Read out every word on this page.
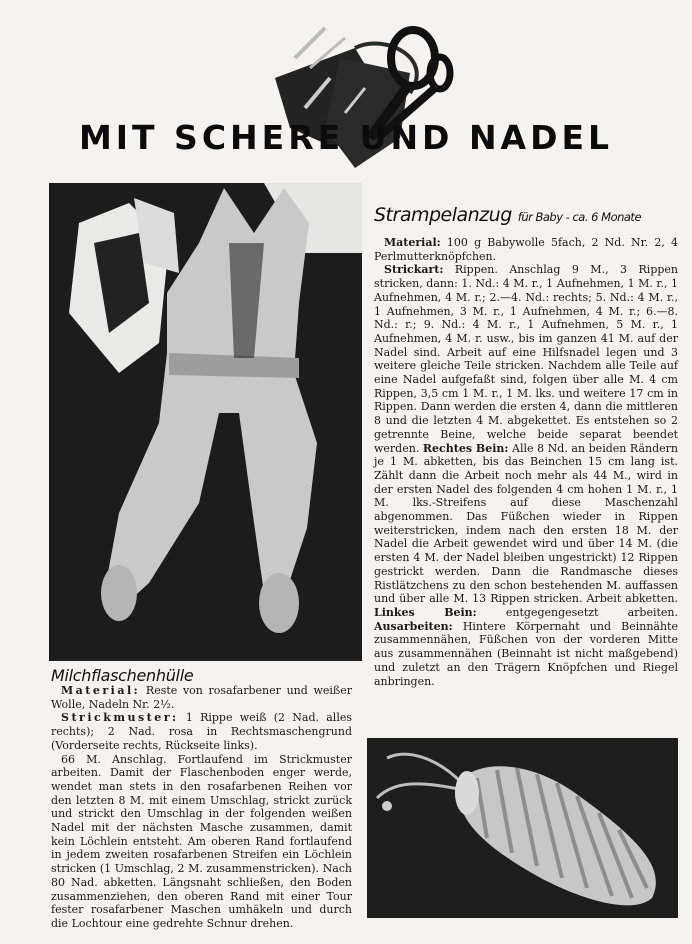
MIT SCHERE UND NADEL
Strampelanzug für Baby - ca. 6 Monate

Material: 100 g Babywolle 5fach, 2 Nd. Nr. 2, 4 Perlmutterknöpfchen.

Strickart: Rippen. Anschlag 9 M., 3 Rippen stricken, dann: 1. Nd.: 4 M. r., 1 Aufnehmen, 1 M. r., 1 Aufnehmen, 4 M. r.; 2.—4. Nd.: rechts; 5. Nd.: 4 M. r., 1 Aufnehmen, 3 M. r., 1 Aufnehmen, 4 M. r.; 6.—8. Nd.: r.; 9. Nd.: 4 M. r., 1 Aufnehmen, 5 M. r., 1 Aufnehmen, 4 M. r. usw., bis im ganzen 41 M. auf der Nadel sind. Arbeit auf eine Hilfsnadel legen und 3 weitere gleiche Teile stricken. Nachdem alle Teile auf eine Nadel aufgefaßt sind, folgen über alle M. 4 cm Rippen, 3,5 cm 1 M. r., 1 M. lks. und weitere 17 cm in Rippen. Dann werden die ersten 4, dann die mittleren 8 und die letzten 4 M. abgekettet. Es entstehen so 2 getrennte Beine, welche beide separat beendet werden. Rechtes Bein: Alle 8 Nd. an beiden Rändern je 1 M. abketten, bis das Beinchen 15 cm lang ist. Zählt dann die Arbeit noch mehr als 44 M., wird in der ersten Nadel des folgenden 4 cm hohen 1 M. r., 1 M. lks.-Streifens auf diese Maschenzahl abgenommen. Das Füßchen wieder in Rippen weiterstricken, indem nach den ersten 18 M. der Nadel die Arbeit gewendet wird und über 14 M. (die ersten 4 M. der Nadel bleiben ungestrickt) 12 Rippen gestrickt werden. Dann die Randmasche dieses Ristlätzchens zu den schon bestehenden M. auffassen und über alle M. 13 Rippen stricken. Arbeit abketten. Linkes Bein:	entgegengesetzt arbeiten. Ausarbeiten: Hintere Körpernaht und Beinnähte zusammennähen, Füßchen von der vorderen Mitte aus zusammennähen (Beinnaht ist nicht maßgebend) und zuletzt an den Trägern Knöpfchen und Riegel anbringen.

Milchflaschenhülle

Material: Reste von rosafarbener und weißer Wolle, Nadeln Nr. 2½.

Strickmuster: 1 Rippe weiß (2 Nad. alles rechts); 2 Nad. rosa in Rechtsmaschengrund (Vorderseite rechts, Rückseite links).

66 M. Anschlag. Fortlaufend im Strickmuster arbeiten. Damit der Flaschenboden enger werde, wendet man stets in den rosafarbenen Reihen vor den letzten 8 M. mit einem Umschlag, strickt zurück und strickt den Umschlag in der folgenden weißen Nadel mit der nächsten Masche zusammen, damit kein Löchlein entsteht. Am oberen Rand fortlaufend in jedem zweiten rosafarbenen Streifen ein Löchlein stricken (1 Umschlag, 2 M. zusammenstricken). Nach 80 Nad. abketten. Längsnaht schließen, den Boden zusammenziehen, den oberen Rand mit einer Tour fester rosafarbener Maschen umhäkeln und durch die Lochtour eine gedrehte Schnur drehen.
